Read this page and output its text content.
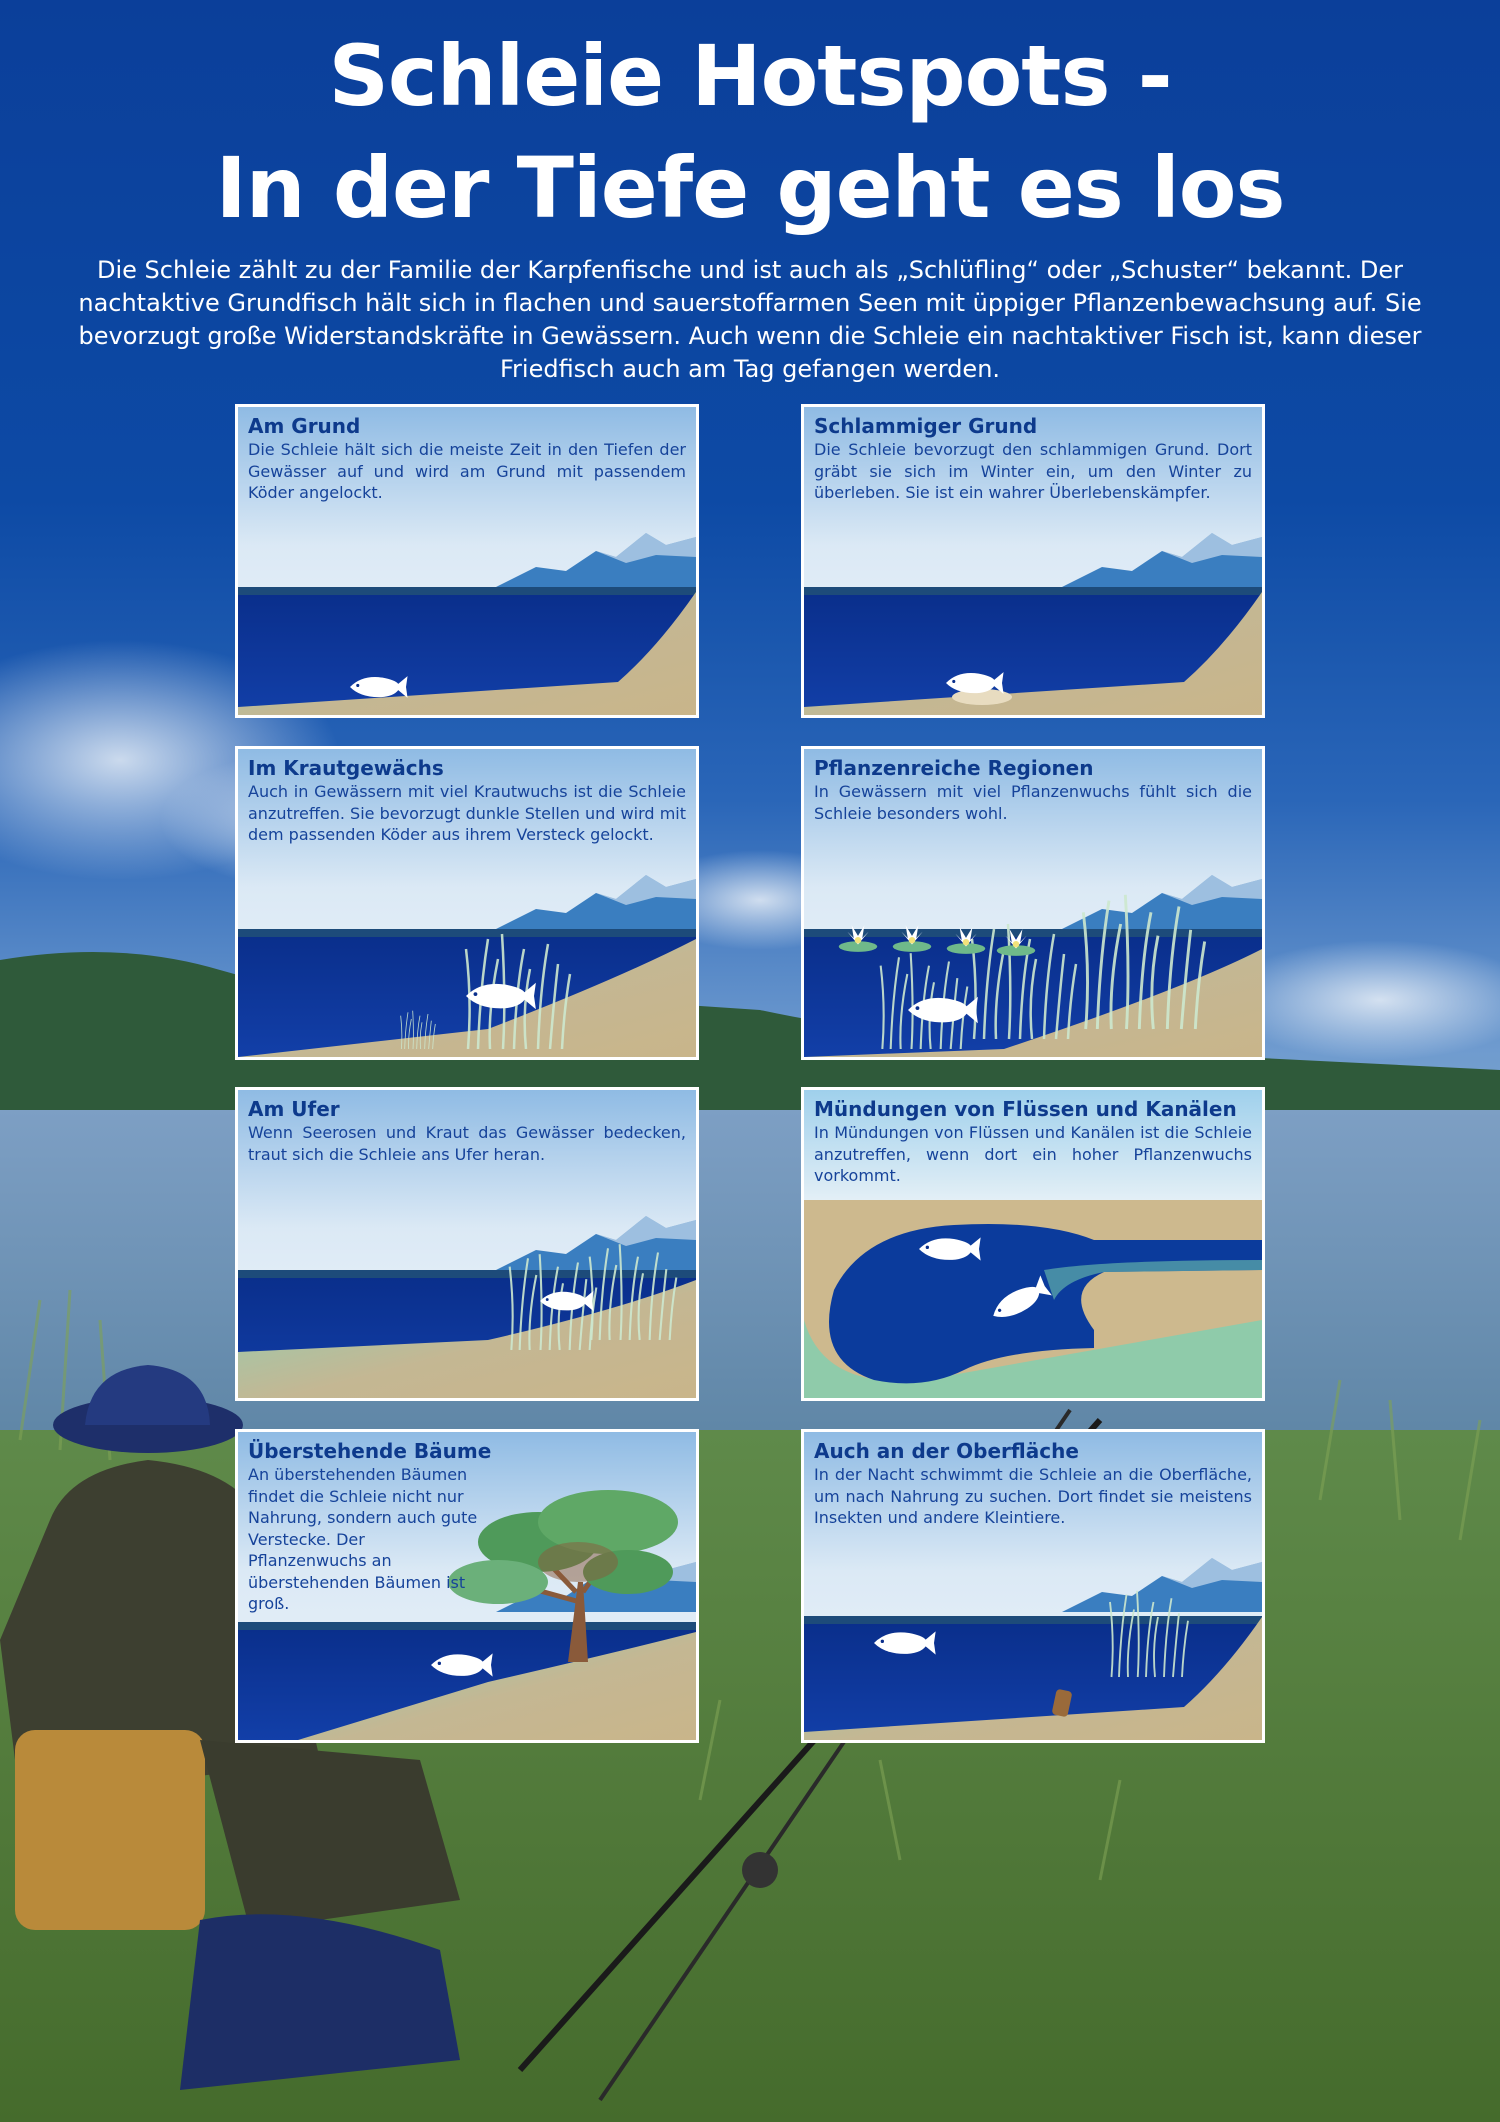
Schleie Hotspots -
In der Tiefe geht es los

Die Schleie zählt zu der Familie der Karpfenfische und ist auch als „Schlüfling“ oder „Schuster“ bekannt. Der nachtaktive Grundfisch hält sich in flachen und sauerstoffarmen Seen mit üppiger Pflanzenbewachsung auf. Sie bevorzugt große Widerstandskräfte in Gewässern. Auch wenn die Schleie ein nachtaktiver Fisch ist, kann dieser Friedfisch auch am Tag gefangen werden.

Am Grund

Die Schleie hält sich die meiste Zeit in den Tiefen der Gewässer auf und wird am Grund mit passendem Köder angelockt.

Schlammiger Grund

Die Schleie bevorzugt den schlammigen Grund. Dort gräbt sie sich im Winter ein, um den Winter zu überleben. Sie ist ein wahrer Überlebenskämpfer.

Im Krautgewächs

Auch in Gewässern mit viel Krautwuchs ist die Schleie anzutreffen. Sie bevorzugt dunkle Stellen und wird mit dem passenden Köder aus ihrem Versteck gelockt.

Pflanzenreiche Regionen

In Gewässern mit viel Pflanzenwuchs fühlt sich die Schleie besonders wohl.

Am Ufer

Wenn Seerosen und Kraut das Gewässer bedecken, traut sich die Schleie ans Ufer heran.

Mündungen von Flüssen und Kanälen

In Mündungen von Flüssen und Kanälen ist die Schleie anzutreffen, wenn dort ein hoher Pflanzenwuchs vorkommt.

Überstehende Bäume

An überstehenden Bäumen findet die Schleie nicht nur Nahrung, sondern auch gute Verstecke. Der Pflanzenwuchs an überstehenden Bäumen ist groß.

Auch an der Oberfläche

In der Nacht schwimmt die Schleie an die Oberfläche, um nach Nahrung zu suchen. Dort findet sie meistens Insekten und andere Kleintiere.
